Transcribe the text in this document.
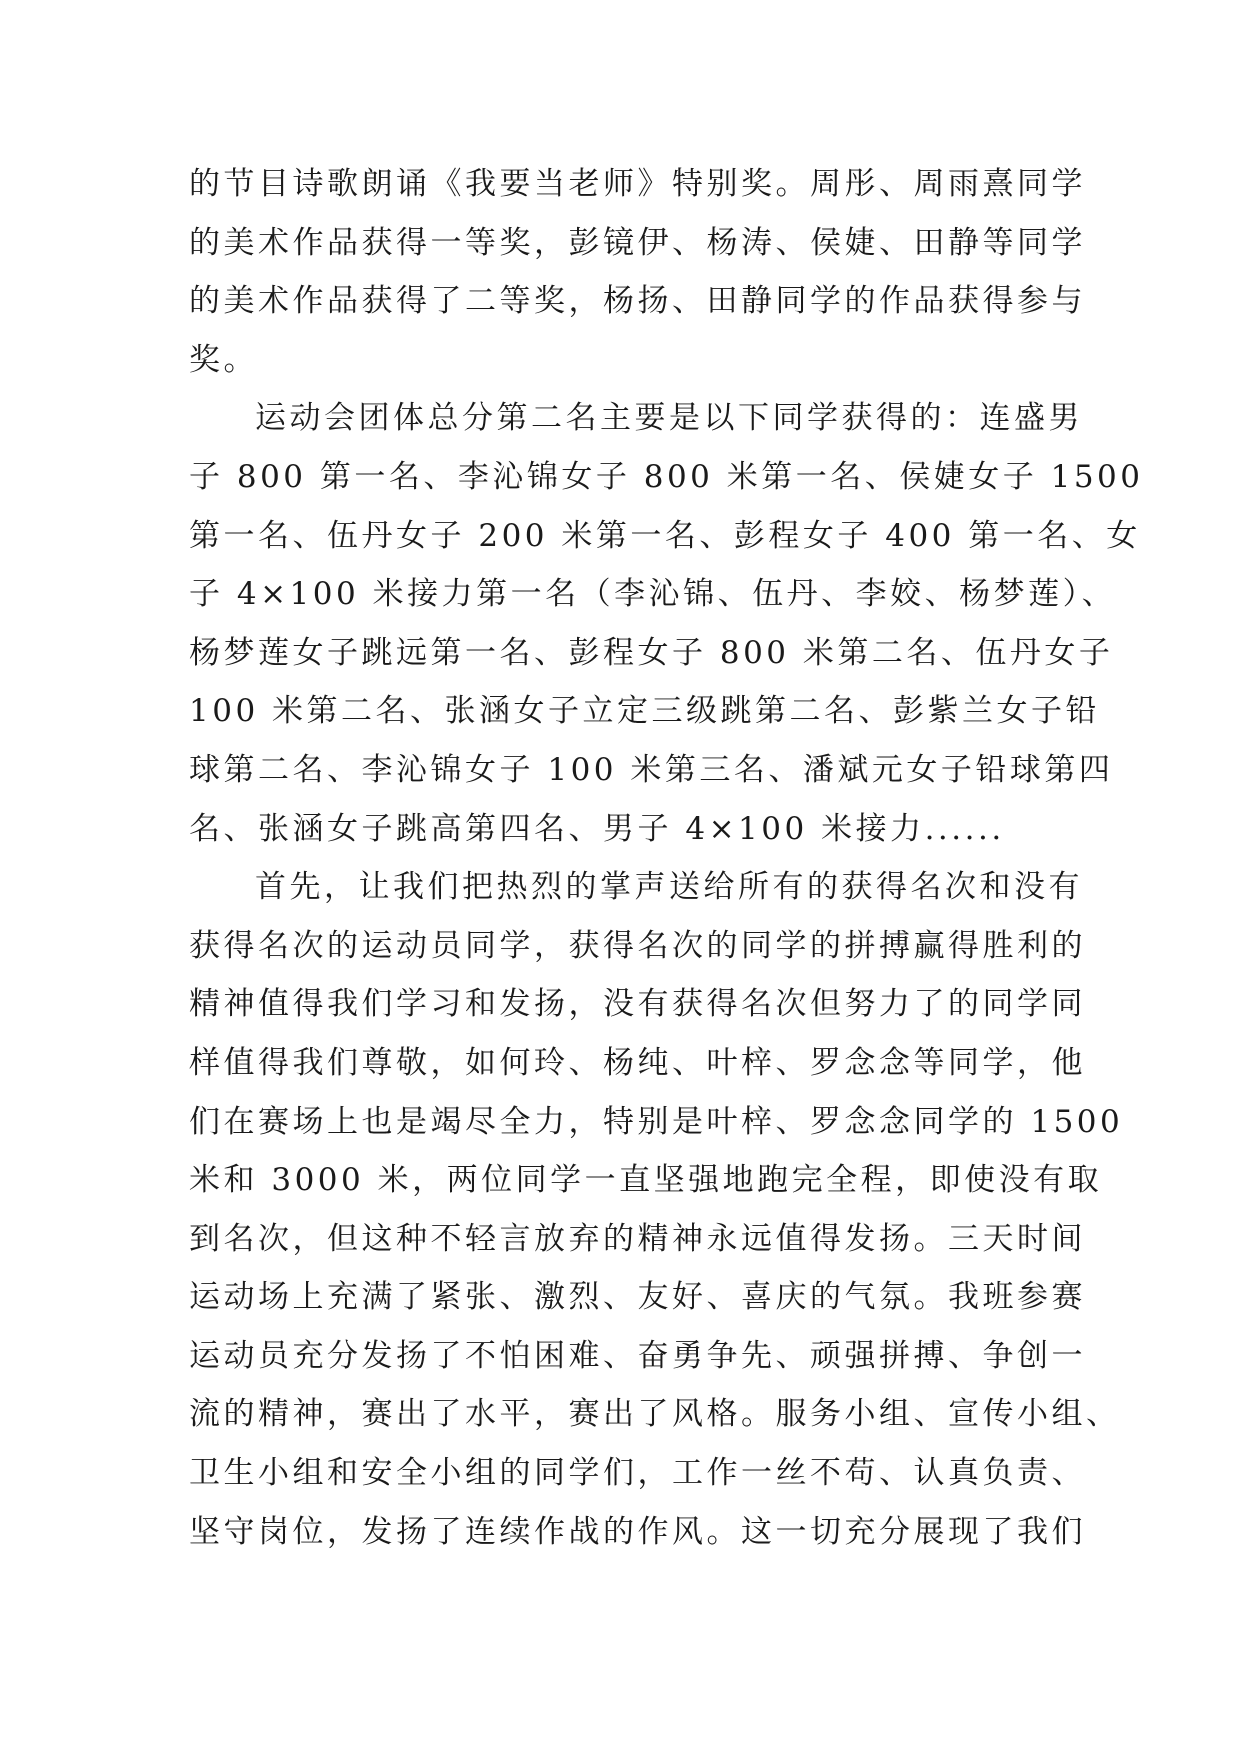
的节目诗歌朗诵《我要当老师》特别奖。周彤、周雨熹同学
的美术作品获得一等奖，彭镜伊、杨涛、侯婕、田静等同学
的美术作品获得了二等奖，杨扬、田静同学的作品获得参与
奖。
运动会团体总分第二名主要是以下同学获得的：连盛男
子 800 第一名、李沁锦女子 800 米第一名、侯婕女子 1500
第一名、伍丹女子 200 米第一名、彭程女子 400 第一名、女
子 4×100 米接力第一名（李沁锦、伍丹、李姣、杨梦莲）、
杨梦莲女子跳远第一名、彭程女子 800 米第二名、伍丹女子
100 米第二名、张涵女子立定三级跳第二名、彭紫兰女子铅
球第二名、李沁锦女子 100 米第三名、潘斌元女子铅球第四
名、张涵女子跳高第四名、男子 4×100 米接力......
首先，让我们把热烈的掌声送给所有的获得名次和没有
获得名次的运动员同学，获得名次的同学的拼搏赢得胜利的
精神值得我们学习和发扬，没有获得名次但努力了的同学同
样值得我们尊敬，如何玲、杨纯、叶梓、罗念念等同学，他
们在赛场上也是竭尽全力，特别是叶梓、罗念念同学的 1500
米和 3000 米，两位同学一直坚强地跑完全程，即使没有取
到名次，但这种不轻言放弃的精神永远值得发扬。三天时间
运动场上充满了紧张、激烈、友好、喜庆的气氛。我班参赛
运动员充分发扬了不怕困难、奋勇争先、顽强拼搏、争创一
流的精神，赛出了水平，赛出了风格。服务小组、宣传小组、
卫生小组和安全小组的同学们，工作一丝不苟、认真负责、
坚守岗位，发扬了连续作战的作风。这一切充分展现了我们
